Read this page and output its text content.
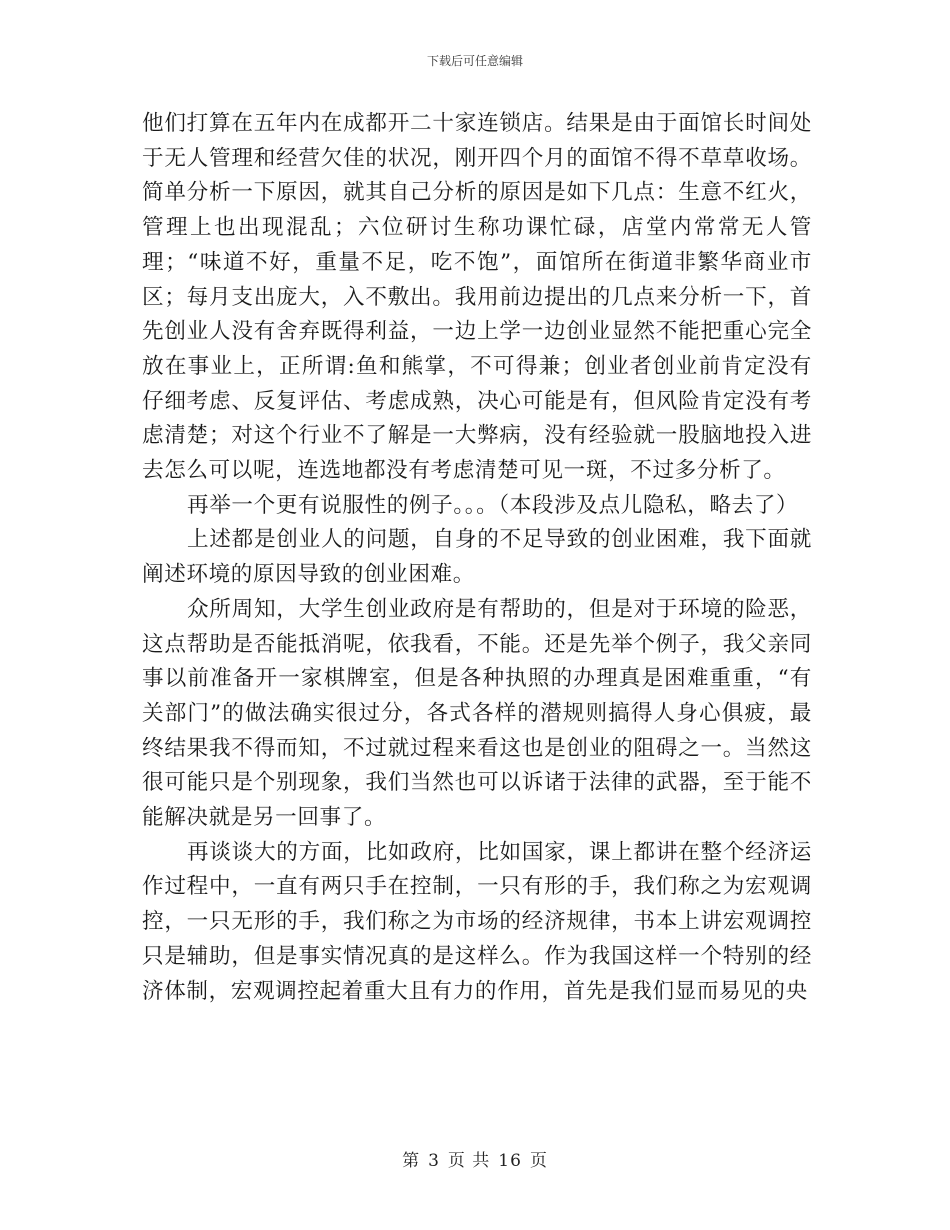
下载后可任意编辑

他们打算在五年内在成都开二十家连锁店。结果是由于面馆长时间处于无人管理和经营欠佳的状况，刚开四个月的面馆不得不草草收场。简单分析一下原因，就其自己分析的原因是如下几点：生意不红火，管理上也出现混乱；六位研讨生称功课忙碌，店堂内常常无人管理；“味道不好，重量不足，吃不饱”，面馆所在街道非繁华商业市区；每月支出庞大，入不敷出。我用前边提出的几点来分析一下，首先创业人没有舍弃既得利益，一边上学一边创业显然不能把重心完全放在事业上，正所谓:鱼和熊掌，不可得兼；创业者创业前肯定没有仔细考虑、反复评估、考虑成熟，决心可能是有，但风险肯定没有考虑清楚；对这个行业不了解是一大弊病，没有经验就一股脑地投入进去怎么可以呢，连选地都没有考虑清楚可见一斑，不过多分析了。

再举一个更有说服性的例子。。。（本段涉及点儿隐私，略去了）

上述都是创业人的问题，自身的不足导致的创业困难，我下面就阐述环境的原因导致的创业困难。

众所周知，大学生创业政府是有帮助的，但是对于环境的险恶，这点帮助是否能抵消呢，依我看，不能。还是先举个例子，我父亲同事以前准备开一家棋牌室，但是各种执照的办理真是困难重重，“有关部门”的做法确实很过分，各式各样的潜规则搞得人身心俱疲，最终结果我不得而知，不过就过程来看这也是创业的阻碍之一。当然这很可能只是个别现象，我们当然也可以诉诸于法律的武器，至于能不能解决就是另一回事了。

再谈谈大的方面，比如政府，比如国家，课上都讲在整个经济运作过程中，一直有两只手在控制，一只有形的手，我们称之为宏观调控，一只无形的手，我们称之为市场的经济规律，书本上讲宏观调控只是辅助，但是事实情况真的是这样么。作为我国这样一个特别的经济体制，宏观调控起着重大且有力的作用，首先是我们显而易见的央

第 3 页 共 16 页
